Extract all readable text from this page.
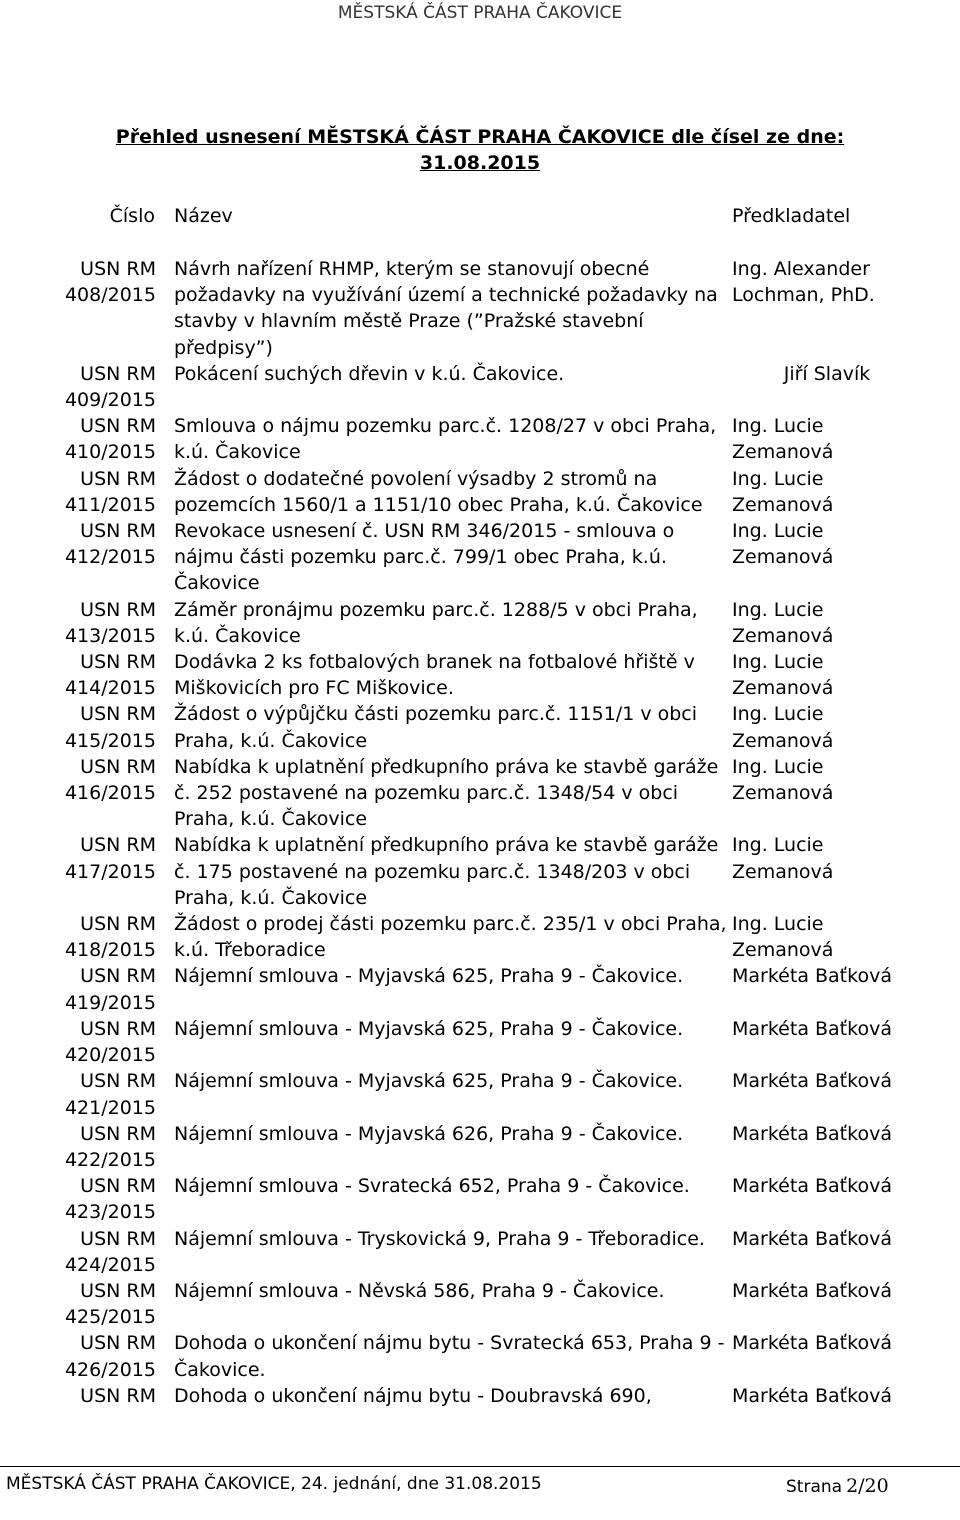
MĚSTSKÁ ČÁST PRAHA ČAKOVICE
Přehled usnesení MĚSTSKÁ ČÁST PRAHA ČAKOVICE dle čísel ze dne:
31.08.2015
Číslo Název	Předkladatel
USN RM
408/2015	Návrh nařízení RHMP, kterým se stanovují obecné požadavky na využívání území a technické požadavky na stavby v hlavním městě Praze (”Pražské stavební předpisy”)	Ing. Alexander Lochman, PhD.

USN RM
409/2015	Pokácení suchých dřevin v k.ú. Čakovice.	Jiří Slavík

USN RM
410/2015	Smlouva o nájmu pozemku parc.č. 1208/27 v obci Praha, k.ú. Čakovice	Ing. Lucie Zemanová

USN RM
411/2015	Žádost o dodatečné povolení výsadby 2 stromů na pozemcích 1560/1 a 1151/10 obec Praha, k.ú. Čakovice	Ing. Lucie Zemanová

USN RM
412/2015	Revokace usnesení č. USN RM 346/2015 - smlouva o nájmu části pozemku parc.č. 799/1 obec Praha, k.ú. Čakovice	Ing. Lucie Zemanová

USN RM
413/2015	Záměr pronájmu pozemku parc.č. 1288/5 v obci Praha, k.ú. Čakovice	Ing. Lucie Zemanová

USN RM
414/2015	Dodávka 2 ks fotbalových branek na fotbalové hřiště v Miškovicích pro FC Miškovice.	Ing. Lucie Zemanová

USN RM
415/2015	Žádost o výpůjčku části pozemku parc.č. 1151/1 v obci Praha, k.ú. Čakovice	Ing. Lucie Zemanová

USN RM
416/2015	Nabídka k uplatnění předkupního práva ke stavbě garáže č. 252 postavené na pozemku parc.č. 1348/54 v obci Praha, k.ú. Čakovice	Ing. Lucie Zemanová

USN RM
417/2015	Nabídka k uplatnění předkupního práva ke stavbě garáže č. 175 postavené na pozemku parc.č. 1348/203 v obci Praha, k.ú. Čakovice	Ing. Lucie Zemanová

USN RM
418/2015	Žádost o prodej části pozemku parc.č. 235/1 v obci Praha, k.ú. Třeboradice	Ing. Lucie Zemanová

USN RM
419/2015	Nájemní smlouva - Myjavská 625, Praha 9 - Čakovice.	Markéta Baťková

USN RM
420/2015	Nájemní smlouva - Myjavská 625, Praha 9 - Čakovice.	Markéta Baťková

USN RM
421/2015	Nájemní smlouva - Myjavská 625, Praha 9 - Čakovice.	Markéta Baťková

USN RM
422/2015	Nájemní smlouva - Myjavská 626, Praha 9 - Čakovice.	Markéta Baťková

USN RM
423/2015	Nájemní smlouva - Svratecká 652, Praha 9 - Čakovice.	Markéta Baťková

USN RM
424/2015	Nájemní smlouva - Tryskovická 9, Praha 9 - Třeboradice.	Markéta Baťková

USN RM
425/2015	Nájemní smlouva - Něvská 586, Praha 9 - Čakovice.	Markéta Baťková

USN RM
426/2015	Dohoda o ukončení nájmu bytu - Svratecká 653, Praha 9 - Čakovice.	Markéta Baťková

USN RM	Dohoda o ukončení nájmu bytu - Doubravská 690,	Markéta Baťková
MĚSTSKÁ ČÁST PRAHA ČAKOVICE, 24. jednání, dne 31.08.2015	Strana 2/20
